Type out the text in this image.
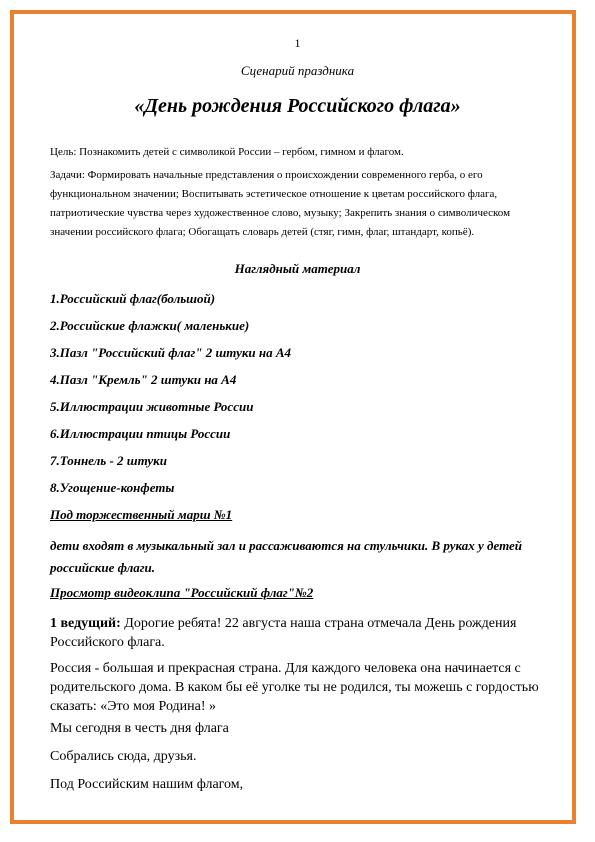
1
Сценарий праздника
«День рождения Российского флага»
Цель: Познакомить детей с символикой России – гербом, гимном и флагом.
Задачи: Формировать начальные представления о происхождении современного герба, о его функциональном значении; Воспитывать эстетическое отношение к цветам российского флага, патриотические чувства через художественное слово, музыку; Закрепить знания о символическом значении российского флага; Обогащать словарь детей (стяг, гимн, флаг, штандарт, копьё).
Наглядный материал
1.Российский флаг(большой)
2.Российские флажки( маленькие)
3.Пазл "Российский флаг" 2 штуки на А4
4.Пазл "Кремль" 2 штуки на А4
5.Иллюстрации животные России
6.Иллюстрации птицы России
7.Тоннель - 2 штуки
8.Угощение-конфеты
Под торжественный марш №1
дети входят в музыкальный зал и рассаживаются на стульчики. В руках у детей российские флаги.
Просмотр видеоклипа "Российский флаг"№2
1 ведущий: Дорогие ребята! 22 августа наша страна отмечала День рождения Российского флага.
Россия - большая и прекрасная страна. Для каждого человека она начинается с родительского дома. В каком бы её уголке ты не родился, ты можешь с гордостью сказать: «Это моя Родина! »
Мы сегодня в честь дня флага
Собрались сюда, друзья.
Под Российским нашим флагом,
